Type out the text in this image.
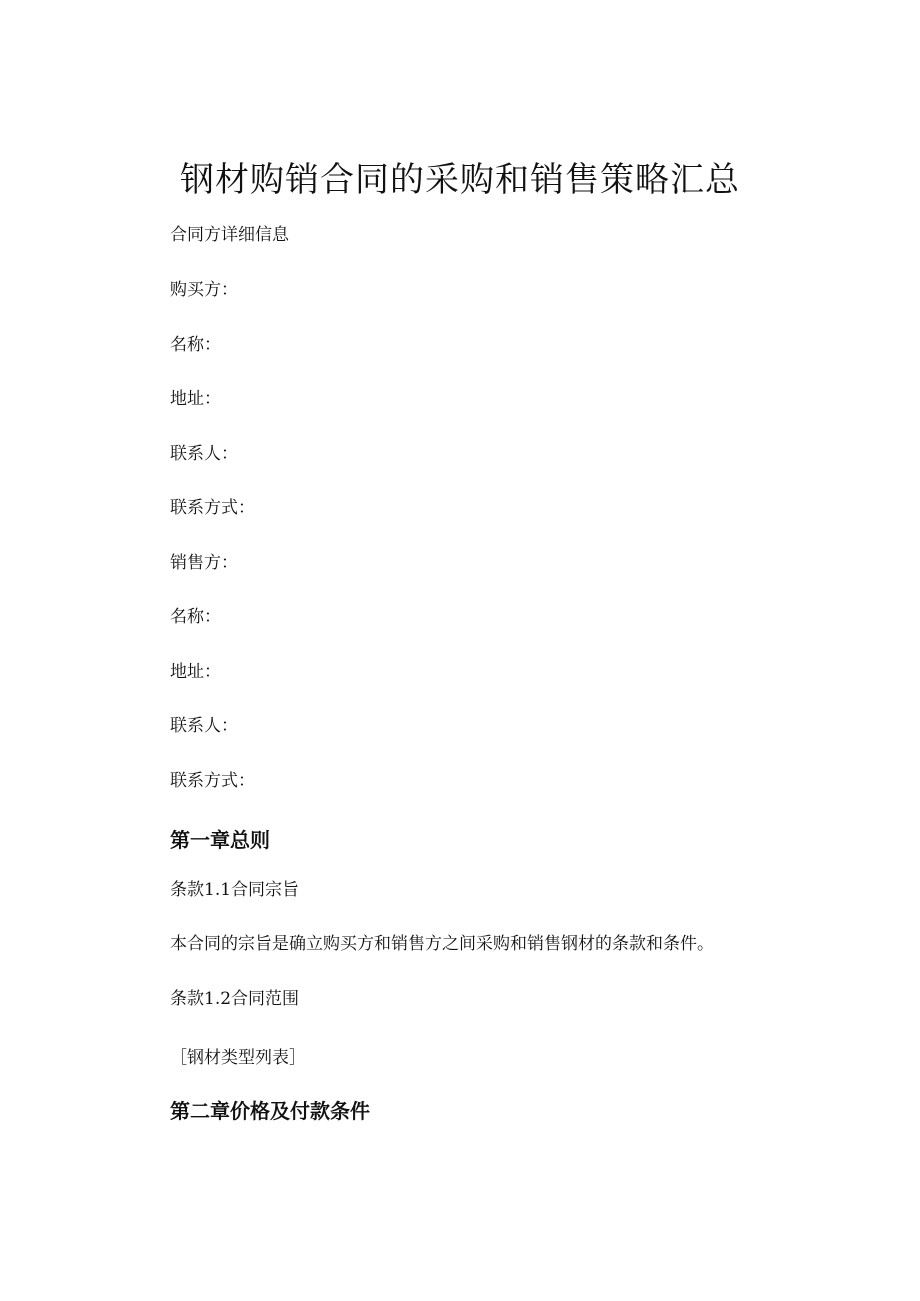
钢材购销合同的采购和销售策略汇总
合同方详细信息
购买方：
名称：
地址：
联系人：
联系方式：
销售方：
名称：
地址：
联系人：
联系方式：
第一章总则
条款1.1合同宗旨
本合同的宗旨是确立购买方和销售方之间采购和销售钢材的条款和条件。
条款1.2合同范围
［钢材类型列表］
第二章价格及付款条件
